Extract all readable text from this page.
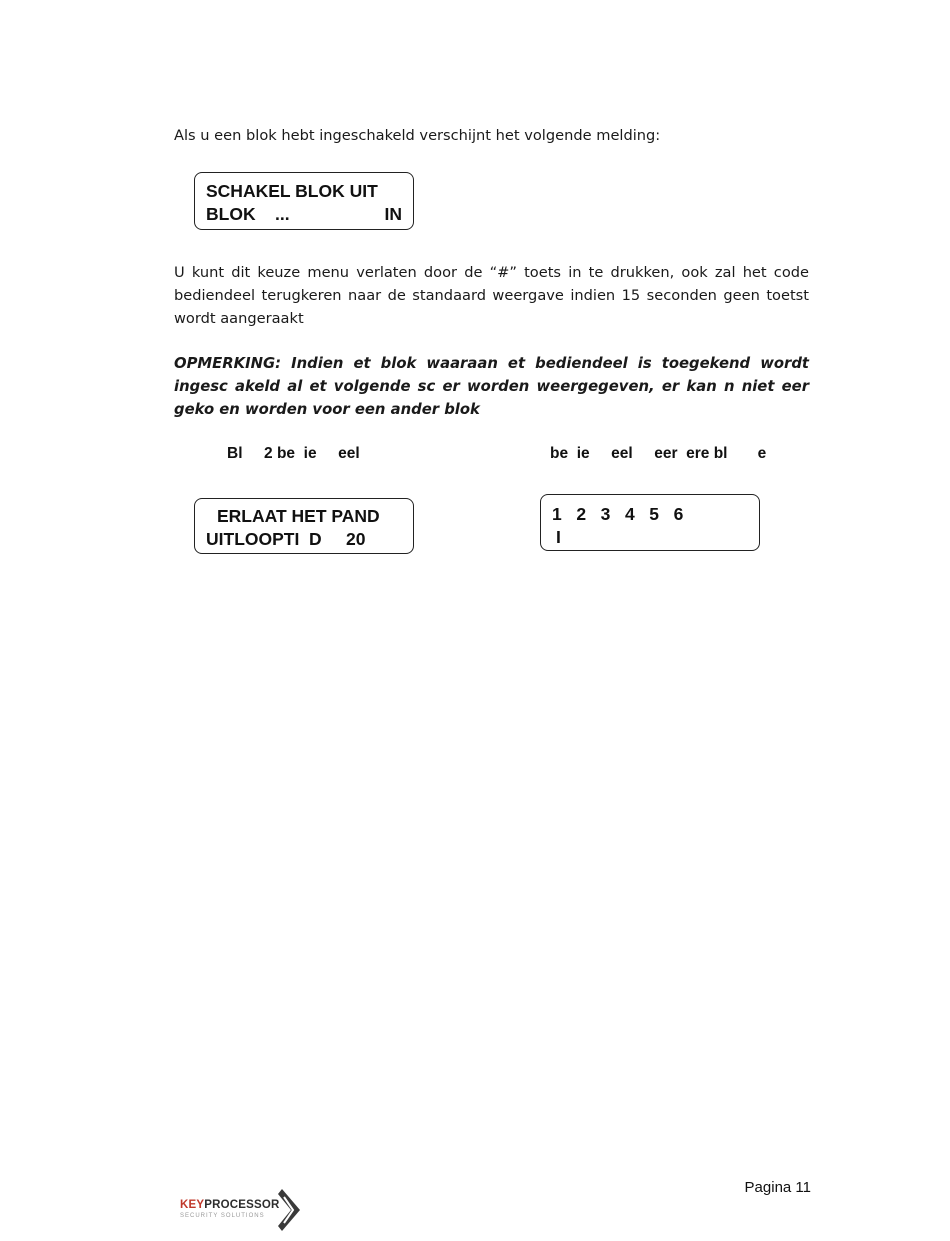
Als u een blok hebt ingeschakeld verschijnt het volgende melding:

SCHAKEL BLOK UIT
BLOK    ...	IN

U kunt dit keuze menu verlaten door de “#” toets in te drukken, ook zal het code bediendeel terugkeren naar de standaard weergave indien 15 seconden geen toetst wordt aangeraakt

OPMERKING: Indien et blok waaraan et bediendeel is toegekend wordt ingesc akeld al et volgende sc er worden weergegeven, er kan n niet eer geko en worden voor een ander blok

Bl     2 be  ie     eel	be  ie     eel     eer  ere bl       e
ERLAAT HET PAND
UITLOOPTI  D     20
1   2   3   4   5   6
I
Pagina 11
KEYPROCESSOR
SECURITY SOLUTIONS
